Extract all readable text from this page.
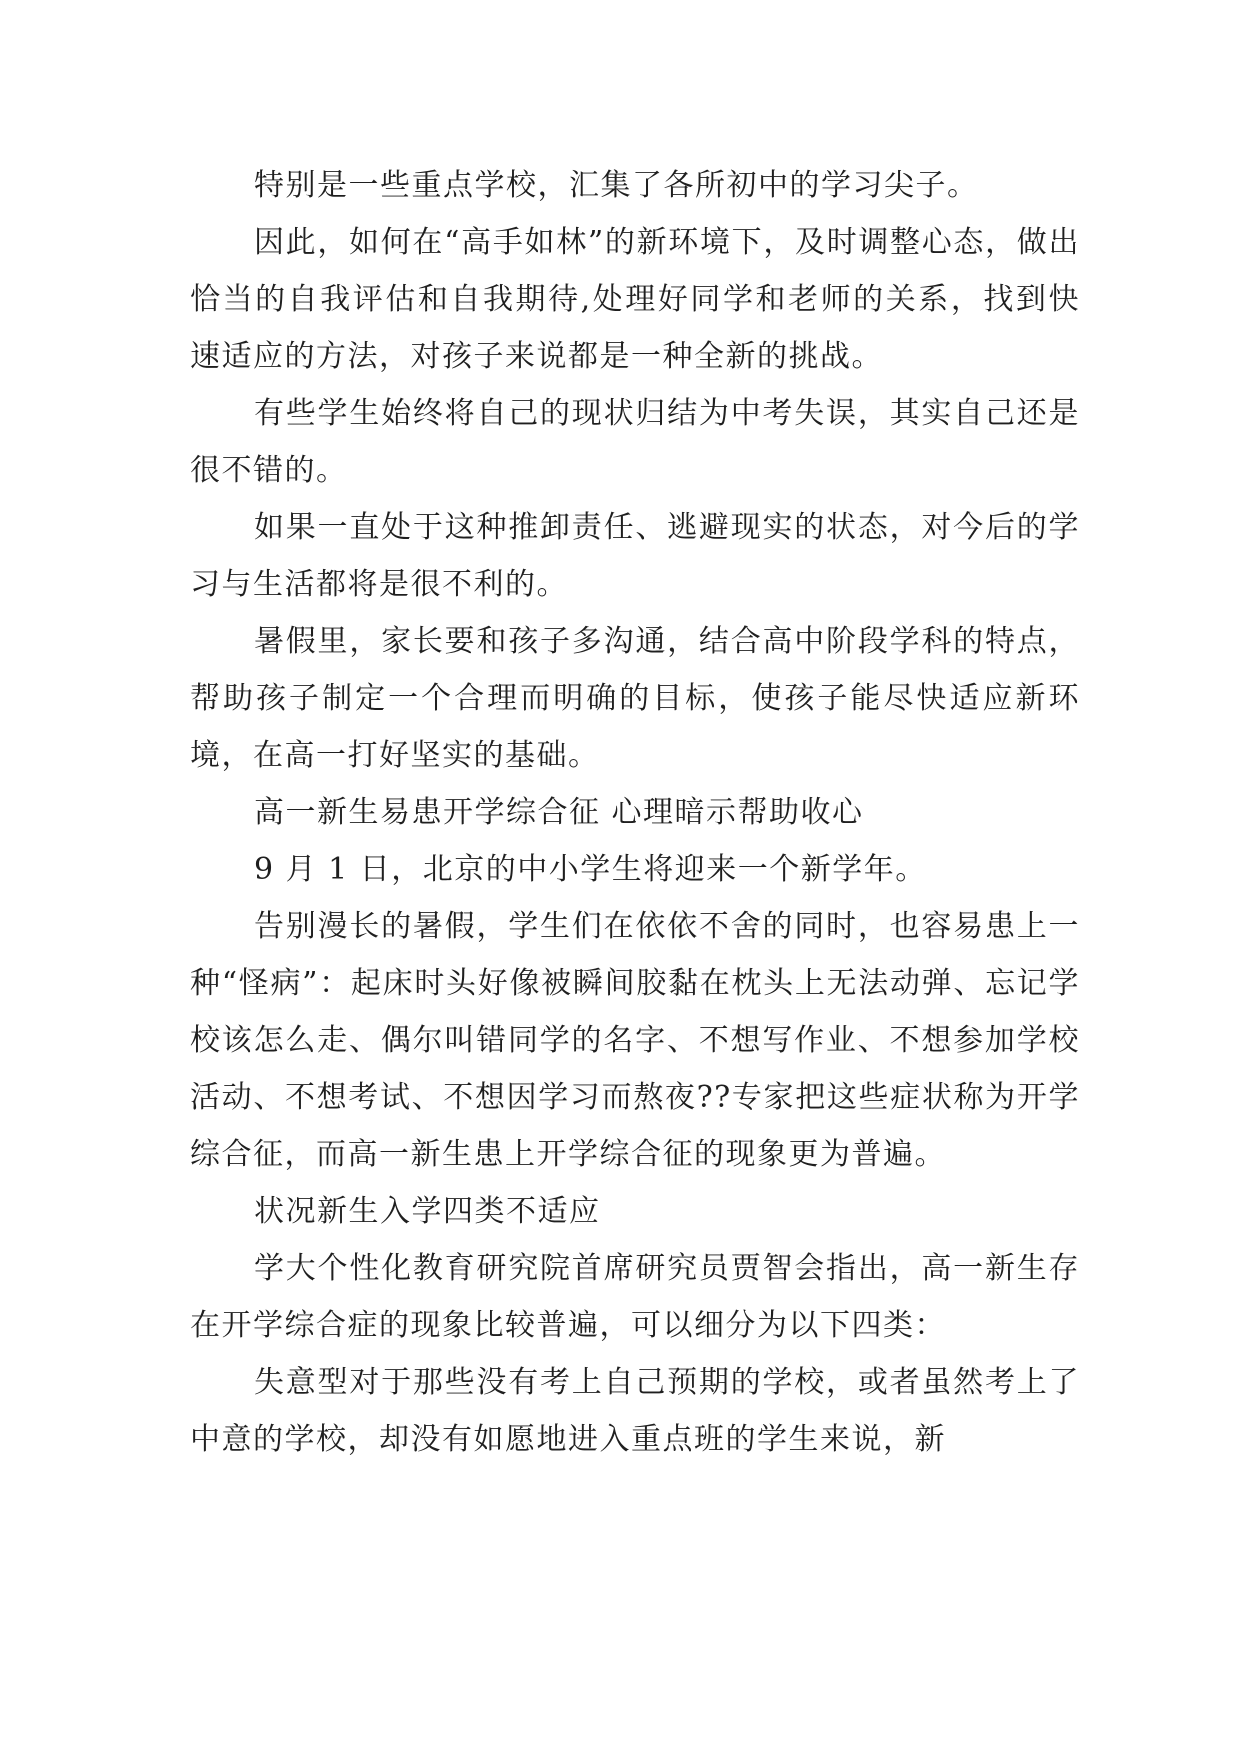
特别是一些重点学校，汇集了各所初中的学习尖子。

因此，如何在“高手如林”的新环境下，及时调整心态，做出恰当的自我评估和自我期待,处理好同学和老师的关系，找到快速适应的方法，对孩子来说都是一种全新的挑战。

有些学生始终将自己的现状归结为中考失误，其实自己还是很不错的。

如果一直处于这种推卸责任、逃避现实的状态，对今后的学习与生活都将是很不利的。

暑假里，家长要和孩子多沟通，结合高中阶段学科的特点，帮助孩子制定一个合理而明确的目标，使孩子能尽快适应新环境，在高一打好坚实的基础。

高一新生易患开学综合征 心理暗示帮助收心

9 月 1 日，北京的中小学生将迎来一个新学年。

告别漫长的暑假，学生们在依依不舍的同时，也容易患上一种“怪病”：起床时头好像被瞬间胶黏在枕头上无法动弹、忘记学校该怎么走、偶尔叫错同学的名字、不想写作业、不想参加学校活动、不想考试、不想因学习而熬夜??专家把这些症状称为开学综合征，而高一新生患上开学综合征的现象更为普遍。

状况新生入学四类不适应

学大个性化教育研究院首席研究员贾智会指出，高一新生存在开学综合症的现象比较普遍，可以细分为以下四类：

失意型对于那些没有考上自己预期的学校，或者虽然考上了中意的学校，却没有如愿地进入重点班的学生来说，新
